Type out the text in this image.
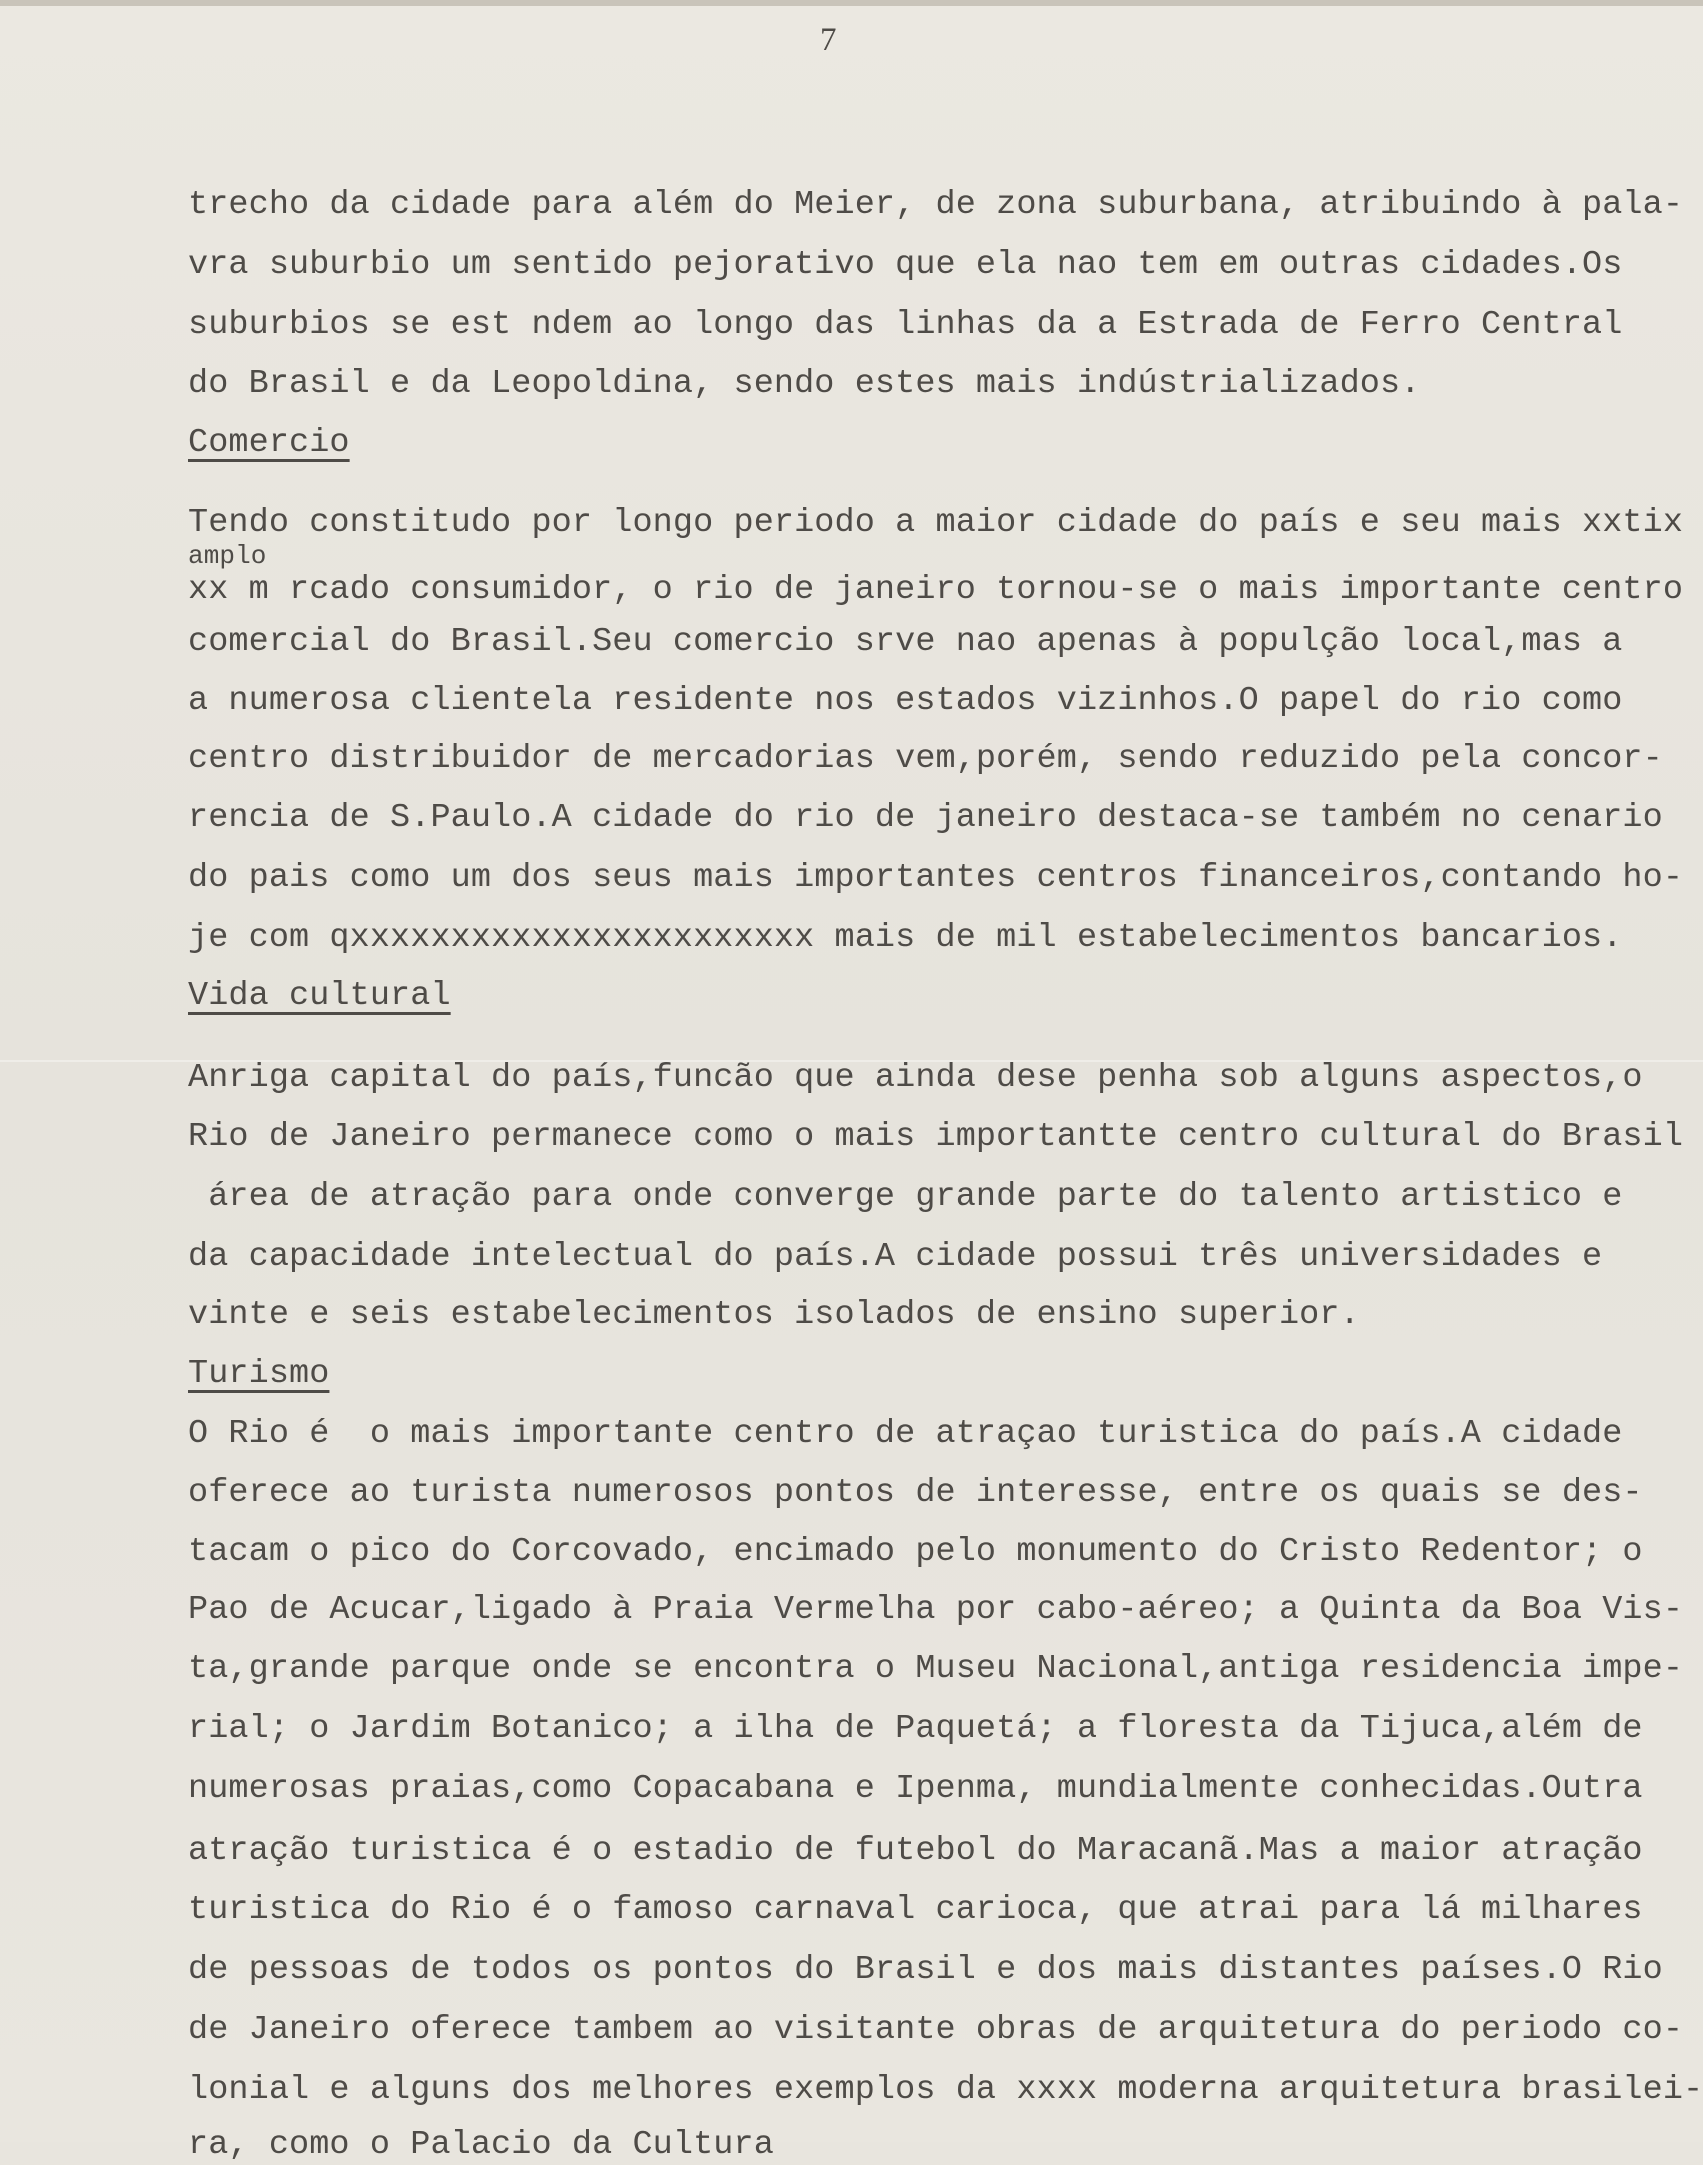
7
trecho da cidade para além do Meier, de zona suburbana, atribuindo à pala-
vra suburbio um sentido pejorativo que ela nao tem em outras cidades.Os
suburbios se est ndem ao longo das linhas da a Estrada de Ferro Central
do Brasil e da Leopoldina, sendo estes mais indústrializados.
Comercio
Tendo constitudo por longo periodo a maior cidade do país e seu mais xxtix
amplo
xx m rcado consumidor, o rio de janeiro tornou-se o mais importante centro
comercial do Brasil.Seu comercio srve nao apenas à populção local,mas a
a numerosa clientela residente nos estados vizinhos.O papel do rio como
centro distribuidor de mercadorias vem,porém, sendo reduzido pela concor-
rencia de S.Paulo.A cidade do rio de janeiro destaca-se também no cenario
do pais como um dos seus mais importantes centros financeiros,contando ho-
je com qxxxxxxxxxxxxxxxxxxxxxxx mais de mil estabelecimentos bancarios.
Vida cultural
Anriga capital do país,funcão que ainda dese penha sob alguns aspectos,o
Rio de Janeiro permanece como o mais importantte centro cultural do Brasil
área de atração para onde converge grande parte do talento artistico e
da capacidade intelectual do país.A cidade possui três universidades e
vinte e seis estabelecimentos isolados de ensino superior.
Turismo
O Rio é  o mais importante centro de atraçao turistica do país.A cidade
oferece ao turista numerosos pontos de interesse, entre os quais se des-
tacam o pico do Corcovado, encimado pelo monumento do Cristo Redentor; o
Pao de Acucar,ligado à Praia Vermelha por cabo-aéreo; a Quinta da Boa Vis-
ta,grande parque onde se encontra o Museu Nacional,antiga residencia impe-
rial; o Jardim Botanico; a ilha de Paquetá; a floresta da Tijuca,além de
numerosas praias,como Copacabana e Ipenma, mundialmente conhecidas.Outra
atração turistica é o estadio de futebol do Maracanã.Mas a maior atração
turistica do Rio é o famoso carnaval carioca, que atrai para lá milhares
de pessoas de todos os pontos do Brasil e dos mais distantes países.O Rio
de Janeiro oferece tambem ao visitante obras de arquitetura do periodo co-
lonial e alguns dos melhores exemplos da xxxx moderna arquitetura brasilei-
ra, como o Palacio da Cultura
